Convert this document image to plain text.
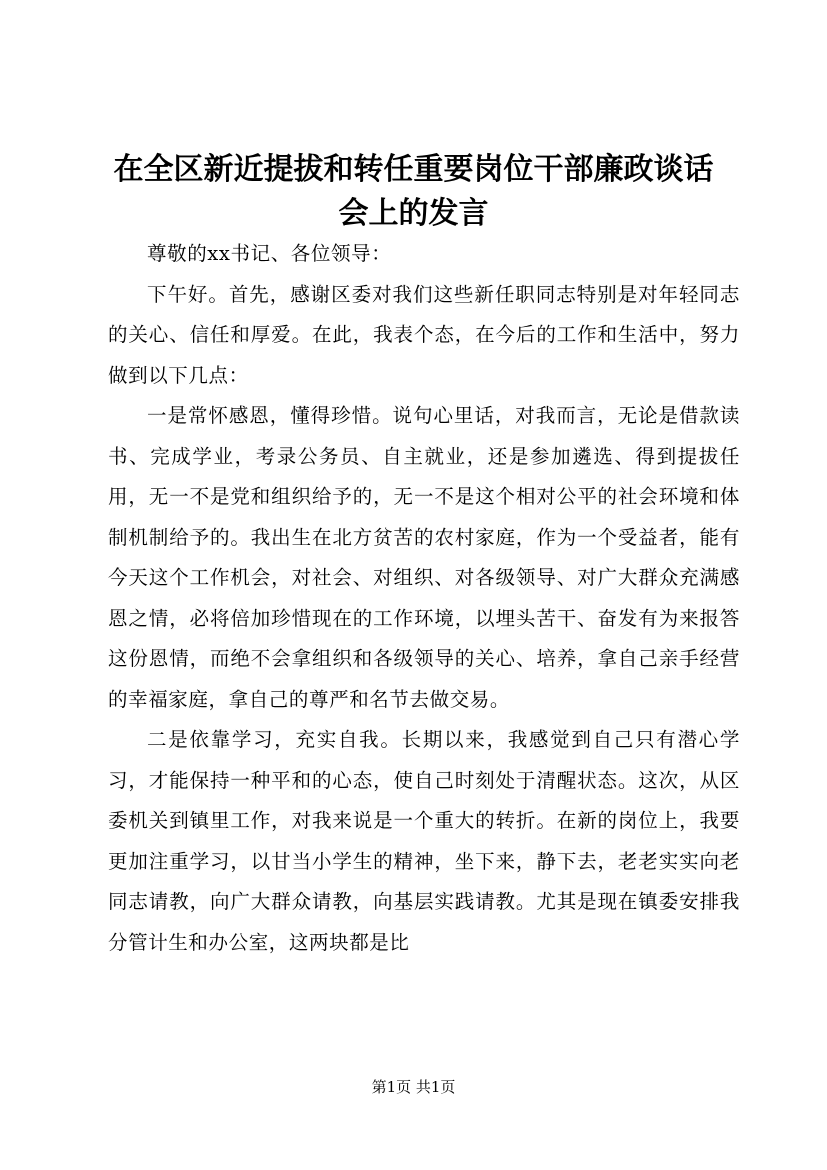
在全区新近提拔和转任重要岗位干部廉政谈话
会上的发言

尊敬的xx书记、各位领导：

下午好。首先，感谢区委对我们这些新任职同志特别是对年轻同志的关心、信任和厚爱。在此，我表个态，在今后的工作和生活中，努力做到以下几点：

一是常怀感恩，懂得珍惜。说句心里话，对我而言，无论是借款读书、完成学业，考录公务员、自主就业，还是参加遴选、得到提拔任用，无一不是党和组织给予的，无一不是这个相对公平的社会环境和体制机制给予的。我出生在北方贫苦的农村家庭，作为一个受益者，能有今天这个工作机会，对社会、对组织、对各级领导、对广大群众充满感恩之情，必将倍加珍惜现在的工作环境，以埋头苦干、奋发有为来报答这份恩情，而绝不会拿组织和各级领导的关心、培养，拿自己亲手经营的幸福家庭，拿自己的尊严和名节去做交易。

二是依靠学习，充实自我。长期以来，我感觉到自己只有潜心学习，才能保持一种平和的心态，使自己时刻处于清醒状态。这次，从区委机关到镇里工作，对我来说是一个重大的转折。在新的岗位上，我要更加注重学习，以甘当小学生的精神，坐下来，静下去，老老实实向老同志请教，向广大群众请教，向基层实践请教。尤其是现在镇委安排我分管计生和办公室，这两块都是比

第1页 共1页
